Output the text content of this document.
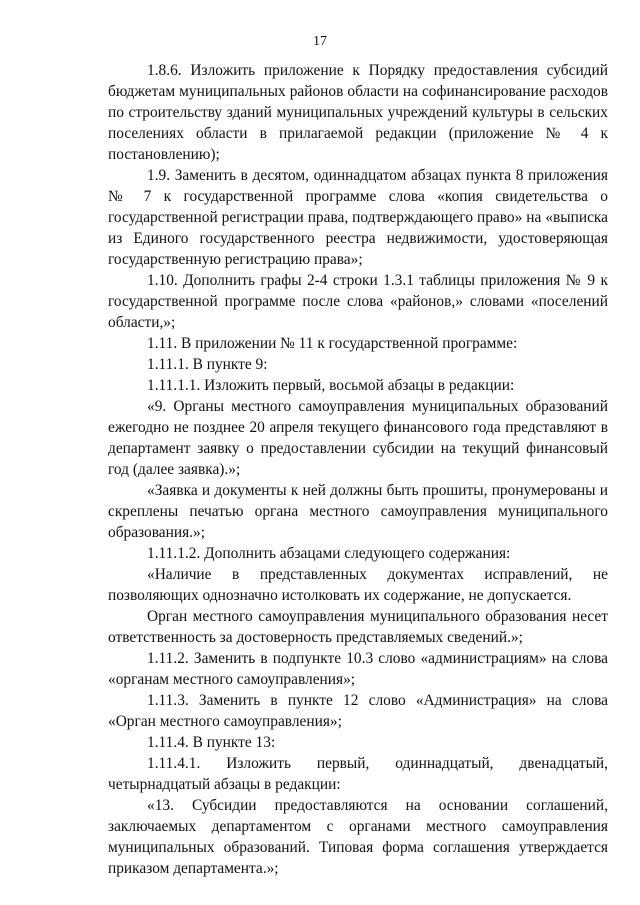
17

1.8.6. Изложить приложение к Порядку предоставления субсидий бюджетам муниципальных районов области на софинансирование расходов по строительству зданий муниципальных учреждений культуры в сельских поселениях области в прилагаемой редакции (приложение № 4 к постановлению);

1.9. Заменить в десятом, одиннадцатом абзацах пункта 8 приложения № 7 к государственной программе слова «копия свидетельства о государственной регистрации права, подтверждающего право» на «выписка из Единого государственного реестра недвижимости, удостоверяющая государственную регистрацию права»;

1.10. Дополнить графы 2-4 строки 1.3.1 таблицы приложения № 9 к государственной программе после слова «районов,» словами «поселений области,»;

1.11. В приложении № 11 к государственной программе:

1.11.1. В пункте 9:

1.11.1.1. Изложить первый, восьмой абзацы в редакции:

«9. Органы местного самоуправления муниципальных образований ежегодно не позднее 20 апреля текущего финансового года представляют в департамент заявку о предоставлении субсидии на текущий финансовый год (далее заявка).»;

«Заявка и документы к ней должны быть прошиты, пронумерованы и скреплены печатью органа местного самоуправления муниципального образования.»;

1.11.1.2. Дополнить абзацами следующего содержания:

«Наличие в представленных документах исправлений, не позволяющих однозначно истолковать их содержание, не допускается.

Орган местного самоуправления муниципального образования несет ответственность за достоверность представляемых сведений.»;

1.11.2. Заменить в подпункте 10.3 слово «администрациям» на слова «органам местного самоуправления»;

1.11.3. Заменить в пункте 12 слово «Администрация» на слова «Орган местного самоуправления»;

1.11.4. В пункте 13:

1.11.4.1. Изложить первый, одиннадцатый, двенадцатый, четырнадцатый абзацы в редакции:

«13. Субсидии предоставляются на основании соглашений, заключаемых департаментом с органами местного самоуправления муниципальных образований. Типовая форма соглашения утверждается приказом департамента.»;
